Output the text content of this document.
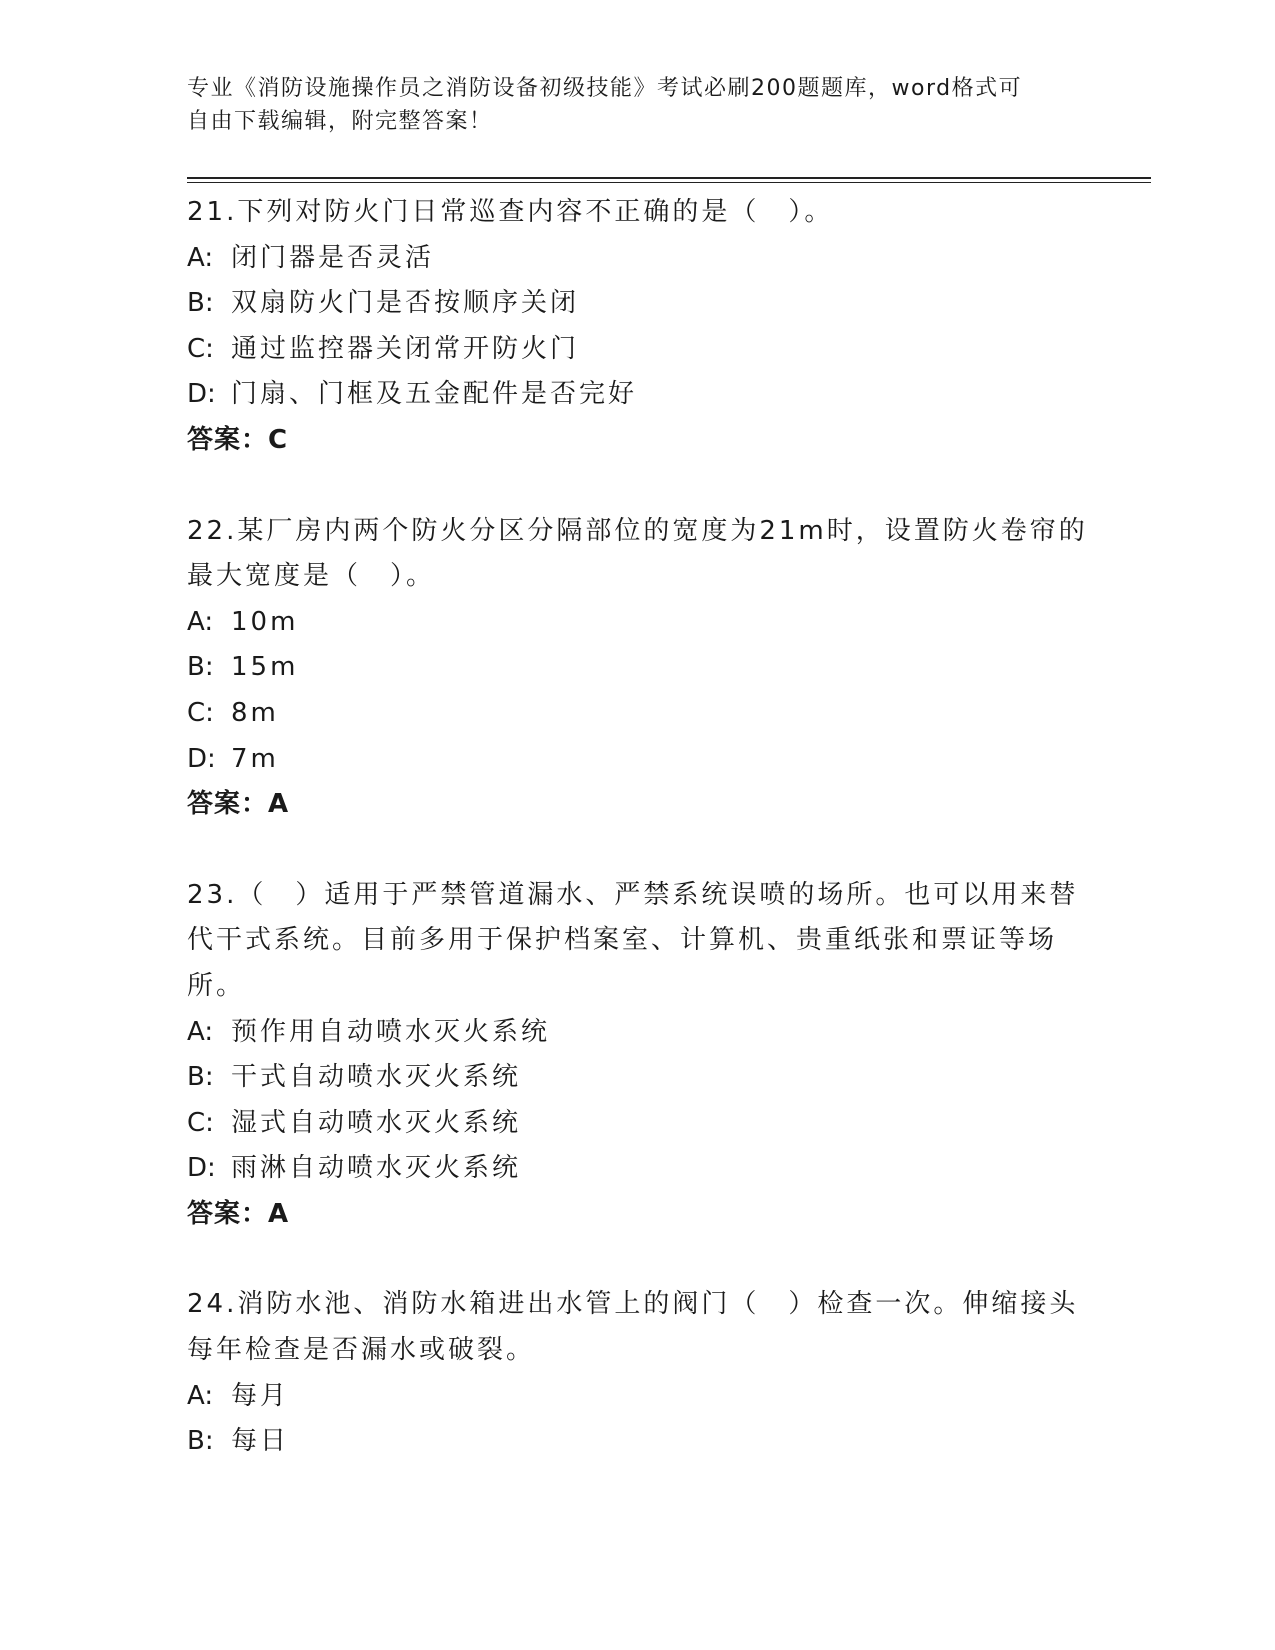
专业《消防设施操作员之消防设备初级技能》考试必刷200题题库，word格式可
自由下载编辑，附完整答案！
21.下列对防火门日常巡查内容不正确的是（　）。
A: 闭门器是否灵活
B: 双扇防火门是否按顺序关闭
C: 通过监控器关闭常开防火门
D: 门扇、门框及五金配件是否完好
答案：C
22.某厂房内两个防火分区分隔部位的宽度为21m时，设置防火卷帘的
最大宽度是（　）。
A: 10m
B: 15m
C: 8m
D: 7m
答案：A
23.（　）适用于严禁管道漏水、严禁系统误喷的场所。也可以用来替
代干式系统。目前多用于保护档案室、计算机、贵重纸张和票证等场
所。
A: 预作用自动喷水灭火系统
B: 干式自动喷水灭火系统
C: 湿式自动喷水灭火系统
D: 雨淋自动喷水灭火系统
答案：A
24.消防水池、消防水箱进出水管上的阀门（　）检查一次。伸缩接头
每年检查是否漏水或破裂。
A: 每月
B: 每日
